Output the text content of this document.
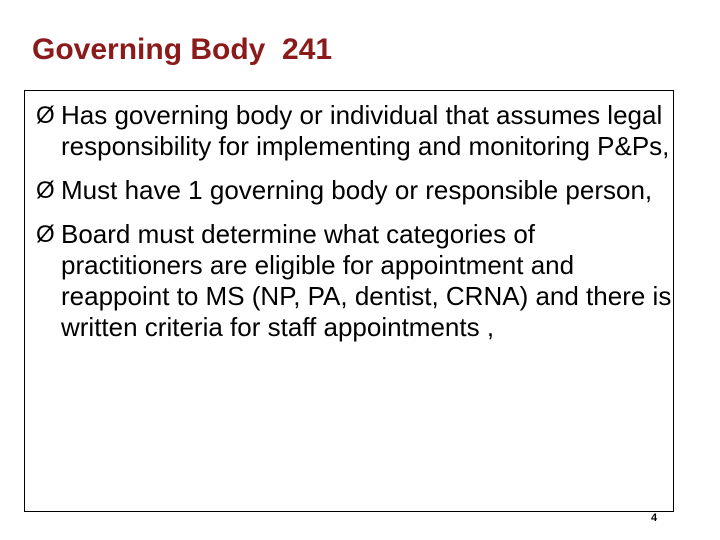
Governing Body  241
Ø Has governing body or individual that assumes legal responsibility for implementing and monitoring P&Ps,
Ø Must have 1 governing body or responsible person,
Ø Board must determine what categories of practitioners are eligible for appointment and reappoint to MS (NP, PA, dentist, CRNA) and there is written criteria for staff appointments ,
4
